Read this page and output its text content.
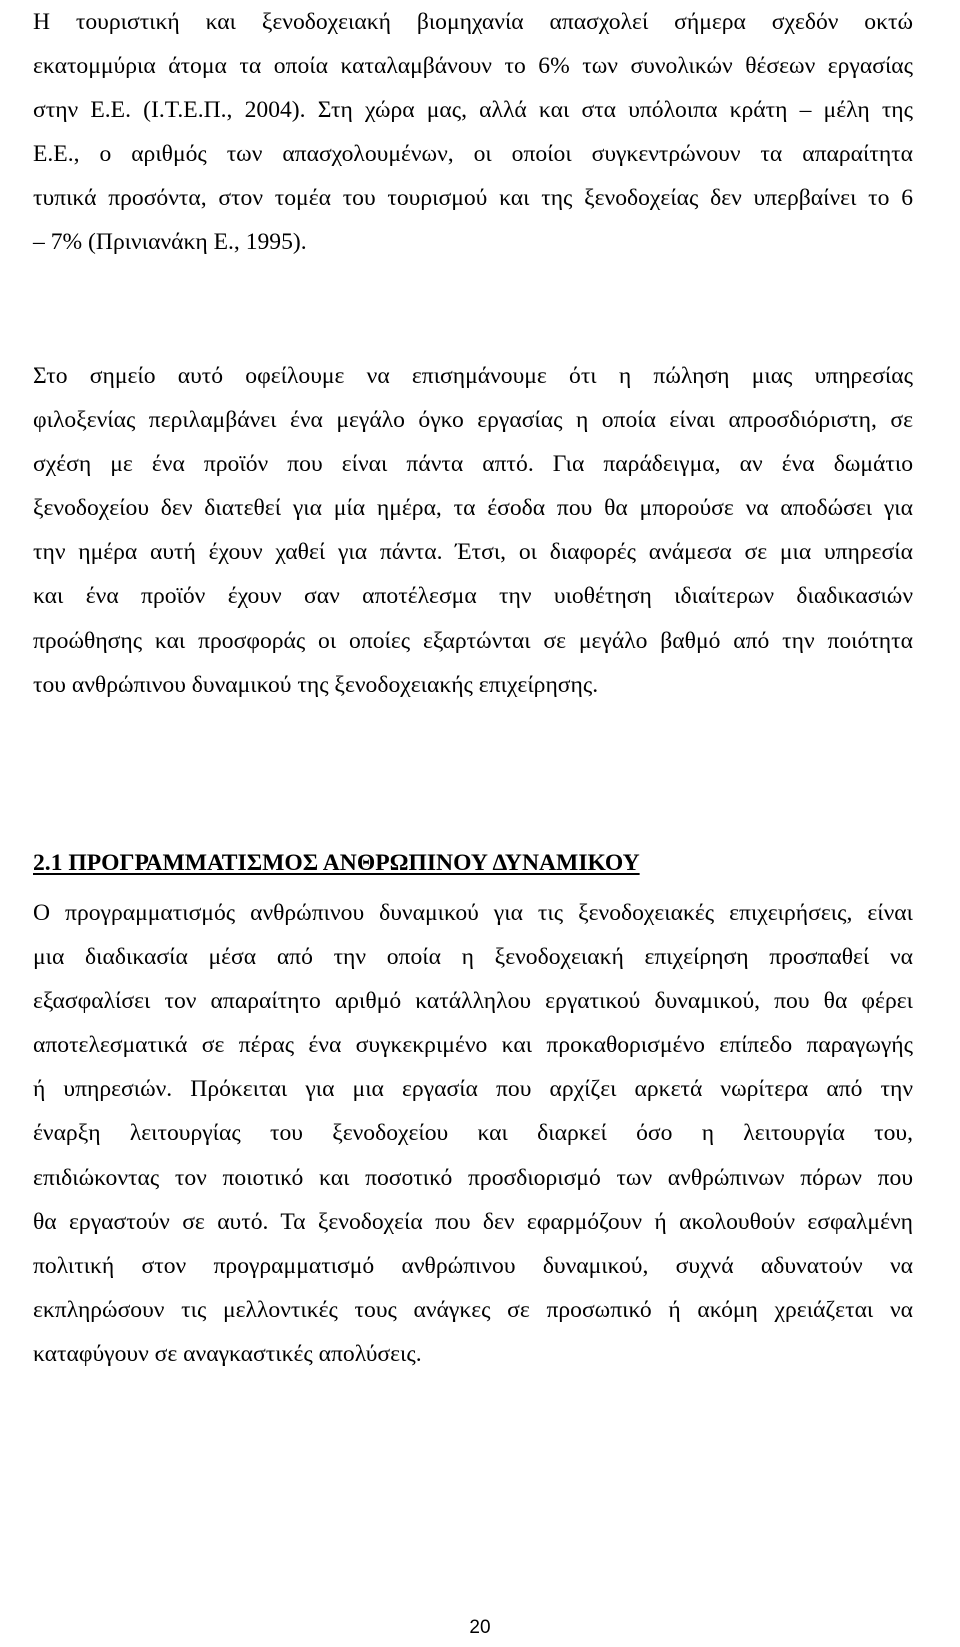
Η τουριστική και ξενοδοχειακή βιομηχανία απασχολεί σήμερα σχεδόν οκτώ
εκατομμύρια άτομα τα οποία καταλαμβάνουν το 6% των συνολικών θέσεων εργασίας
στην Ε.Ε. (Ι.Τ.Ε.Π., 2004). Στη χώρα μας, αλλά και στα υπόλοιπα κράτη – μέλη της
Ε.Ε., ο αριθμός των απασχολουμένων, οι οποίοι συγκεντρώνουν τα απαραίτητα
τυπικά προσόντα, στον τομέα του τουρισμού και της ξενοδοχείας δεν υπερβαίνει το 6
– 7% (Πρινιανάκη Ε., 1995).
Στο σημείο αυτό οφείλουμε να επισημάνουμε ότι η πώληση μιας υπηρεσίας
φιλοξενίας περιλαμβάνει ένα μεγάλο όγκο εργασίας η οποία είναι απροσδιόριστη, σε
σχέση με ένα προϊόν που είναι πάντα απτό. Για παράδειγμα, αν ένα δωμάτιο
ξενοδοχείου δεν διατεθεί για μία ημέρα, τα έσοδα που θα μπορούσε να αποδώσει για
την ημέρα αυτή έχουν χαθεί για πάντα. Έτσι, οι διαφορές ανάμεσα σε μια υπηρεσία
και ένα προϊόν έχουν σαν αποτέλεσμα την υιοθέτηση ιδιαίτερων διαδικασιών
προώθησης και προσφοράς οι οποίες εξαρτώνται σε μεγάλο βαθμό από την ποιότητα
του ανθρώπινου δυναμικού της ξενοδοχειακής επιχείρησης.
2.1 ΠΡΟΓΡΑΜΜΑΤΙΣΜΟΣ ΑΝΘΡΩΠΙΝΟΥ ΔΥΝΑΜΙΚΟΥ
Ο προγραμματισμός ανθρώπινου δυναμικού για τις ξενοδοχειακές επιχειρήσεις, είναι
μια διαδικασία μέσα από την οποία η ξενοδοχειακή επιχείρηση προσπαθεί να
εξασφαλίσει τον απαραίτητο αριθμό κατάλληλου εργατικού δυναμικού, που θα φέρει
αποτελεσματικά σε πέρας ένα συγκεκριμένο και προκαθορισμένο επίπεδο παραγωγής
ή υπηρεσιών. Πρόκειται για μια εργασία που αρχίζει αρκετά νωρίτερα από την
έναρξη λειτουργίας του ξενοδοχείου και διαρκεί όσο η λειτουργία του,
επιδιώκοντας τον ποιοτικό και ποσοτικό προσδιορισμό των ανθρώπινων πόρων που
θα εργαστούν σε αυτό. Τα ξενοδοχεία που δεν εφαρμόζουν ή ακολουθούν εσφαλμένη
πολιτική στον προγραμματισμό ανθρώπινου δυναμικού, συχνά αδυνατούν να
εκπληρώσουν τις μελλοντικές τους ανάγκες σε προσωπικό ή ακόμη χρειάζεται να
καταφύγουν σε αναγκαστικές απολύσεις.
20
